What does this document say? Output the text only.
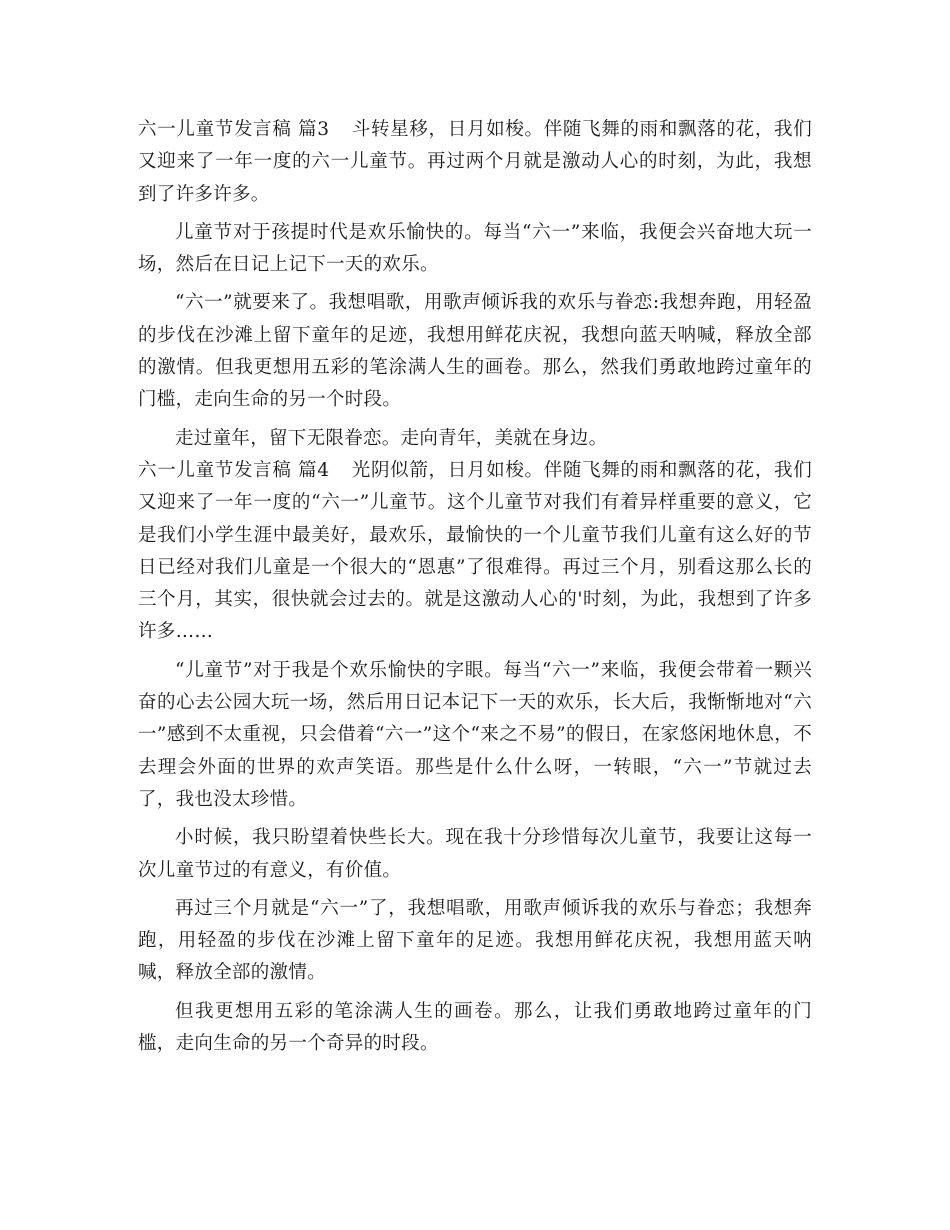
六一儿童节发言稿 篇3 斗转星移，日月如梭。伴随飞舞的雨和飘落的花，我们又迎来了一年一度的六一儿童节。再过两个月就是激动人心的时刻，为此，我想到了许多许多。

儿童节对于孩提时代是欢乐愉快的。每当“六一”来临，我便会兴奋地大玩一场，然后在日记上记下一天的欢乐。

“六一”就要来了。我想唱歌，用歌声倾诉我的欢乐与眷恋:我想奔跑，用轻盈的步伐在沙滩上留下童年的足迹，我想用鲜花庆祝，我想向蓝天呐喊，释放全部的激情。但我更想用五彩的笔涂满人生的画卷。那么，然我们勇敢地跨过童年的门槛，走向生命的另一个时段。

走过童年，留下无限眷恋。走向青年，美就在身边。

六一儿童节发言稿 篇4 光阴似箭，日月如梭。伴随飞舞的雨和飘落的花，我们又迎来了一年一度的“六一”儿童节。这个儿童节对我们有着异样重要的意义，它是我们小学生涯中最美好，最欢乐，最愉快的一个儿童节我们儿童有这么好的节日已经对我们儿童是一个很大的“恩惠”了很难得。再过三个月，别看这那么长的三个月，其实，很快就会过去的。就是这激动人心的'时刻，为此，我想到了许多许多……

“儿童节”对于我是个欢乐愉快的字眼。每当“六一”来临，我便会带着一颗兴奋的心去公园大玩一场，然后用日记本记下一天的欢乐，长大后，我惭惭地对“六一”感到不太重视，只会借着“六一”这个“来之不易”的假日，在家悠闲地休息，不去理会外面的世界的欢声笑语。那些是什么什么呀，一转眼，“六一”节就过去了，我也没太珍惜。

小时候，我只盼望着快些长大。现在我十分珍惜每次儿童节，我要让这每一次儿童节过的有意义，有价值。

再过三个月就是“六一”了，我想唱歌，用歌声倾诉我的欢乐与眷恋；我想奔跑，用轻盈的步伐在沙滩上留下童年的足迹。我想用鲜花庆祝，我想用蓝天呐喊，释放全部的激情。

但我更想用五彩的笔涂满人生的画卷。那么，让我们勇敢地跨过童年的门槛，走向生命的另一个奇异的时段。
